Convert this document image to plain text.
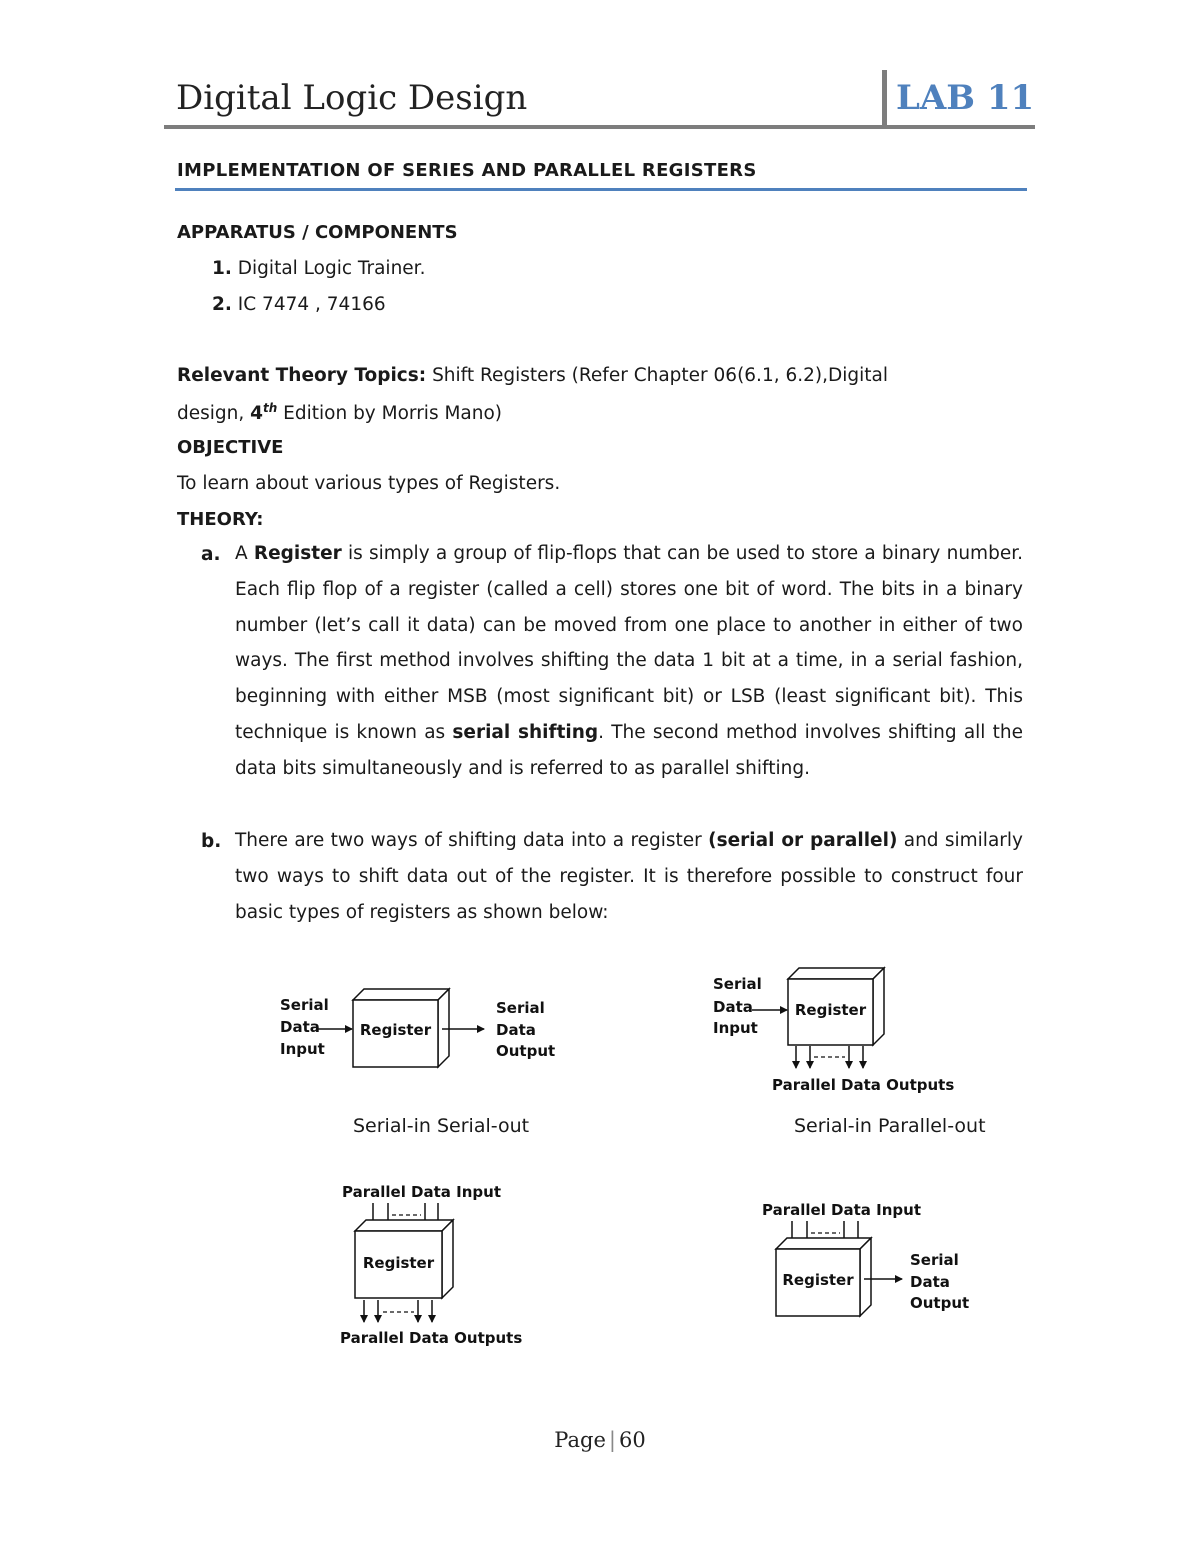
Digital Logic Design	LAB 11
IMPLEMENTATION OF SERIES AND PARALLEL REGISTERS
APPARATUS / COMPONENTS
1. Digital Logic Trainer.
2. IC 7474 , 74166
Relevant Theory Topics: Shift Registers (Refer Chapter 06(6.1, 6.2),Digital
design, 4th Edition by Morris Mano)
OBJECTIVE
To learn about various types of Registers.
THEORY:
a. A Register is simply a group of flip-flops that can be used to store a binary number. Each flip flop of a register (called a cell) stores one bit of word. The bits in a binary number (let’s call it data) can be moved from one place to another in either of two ways. The first method involves shifting the data 1 bit at a time, in a serial fashion, beginning with either MSB (most significant bit) or LSB (least significant bit). This technique is known as serial shifting. The second method involves shifting all the data bits simultaneously and is referred to as parallel shifting.
b. There are two ways of shifting data into a register (serial or parallel) and similarly two ways to shift data out of the register. It is therefore possible to construct four basic types of registers as shown below:
Serial
Data
Input
Register
Serial
Data
Output
Serial
Data
Input
Register
Parallel Data Outputs
Parallel Data Input
Register
Parallel Data Outputs
Parallel Data Input
Register
Serial
Data
Output
Serial-in Serial-out	Serial-in Parallel-out
Page | 60
